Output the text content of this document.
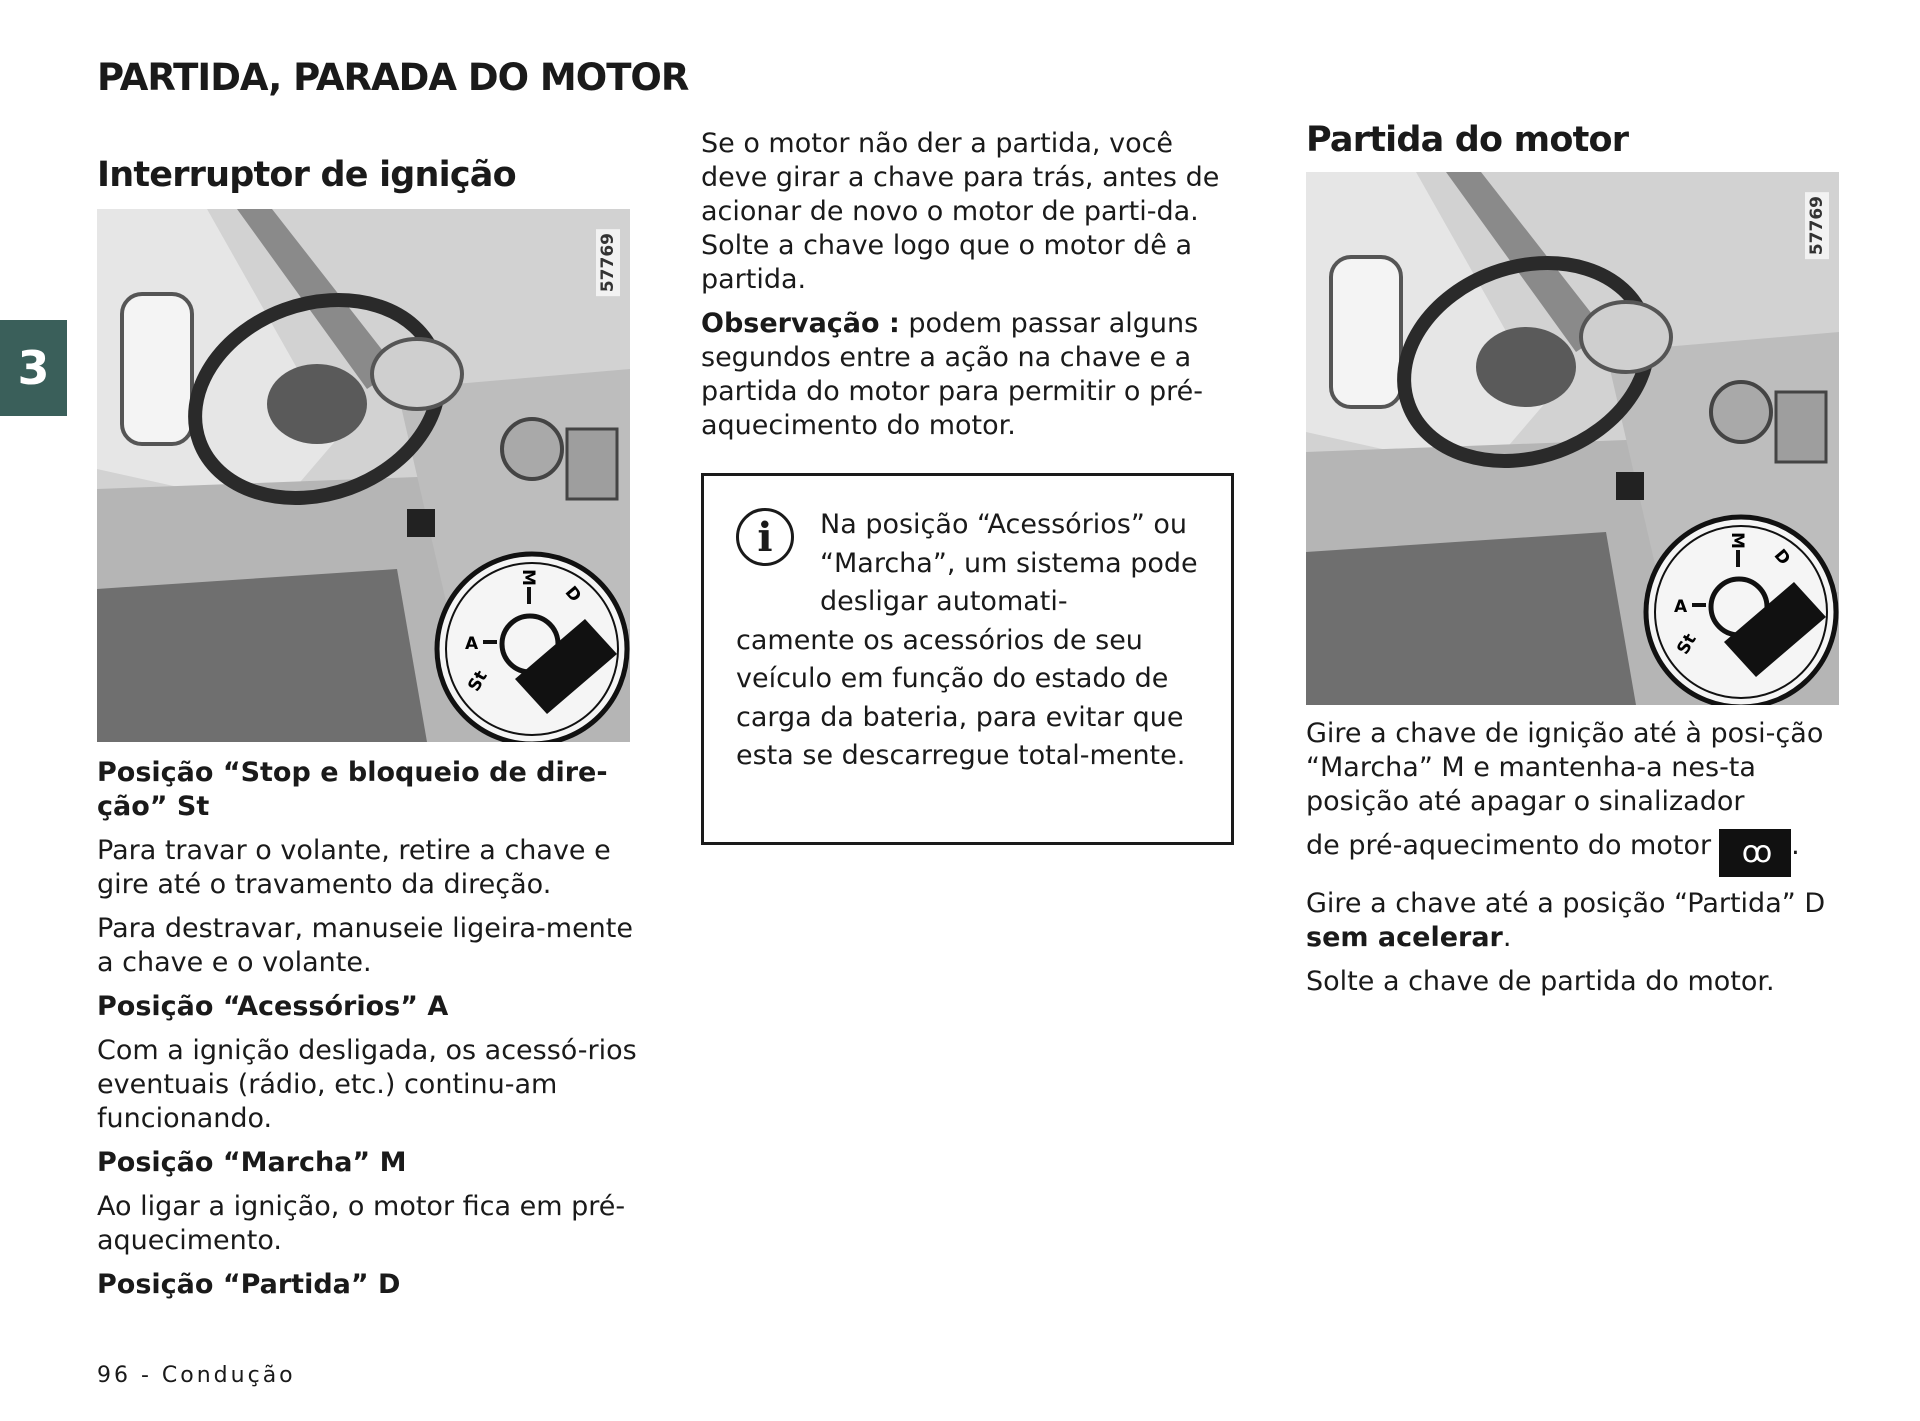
PARTIDA, PARADA DO MOTOR
3
Interruptor de ignição
M
A
D
St
57769

Posição “Stop e bloqueio de dire-ção” St

Para travar o volante, retire a chave e gire até o travamento da direção.

Para destravar, manuseie ligeira-mente a chave e o volante.

Posição “Acessórios” A

Com a ignição desligada, os acessó-rios eventuais (rádio, etc.) continu-am funcionando.

Posição “Marcha” M

Ao ligar a ignição, o motor fica em pré-aquecimento.

Posição “Partida” D

Se o motor não der a partida, você deve girar a chave para trás, antes de acionar de novo o motor de parti-da. Solte a chave logo que o motor dê a partida.

Observação : podem passar alguns segundos entre a ação na chave e a partida do motor para permitir o pré-aquecimento do motor.

i	Na posição “Acessórios” ou “Marcha”, um sistema pode desligar automati-
camente os acessórios de seu veículo em função do estado de carga da bateria, para evitar que esta se descarregue total-mente.

Partida do motor
M
A
D
St
57769

Gire a chave de ignição até à posi-ção “Marcha” M e mantenha-a nes-ta posição até apagar o sinalizador

de pré-aquecimento do motor ꝏ .

Gire a chave até a posição “Partida” D sem acelerar.

Solte a chave de partida do motor.

96 - Condução
